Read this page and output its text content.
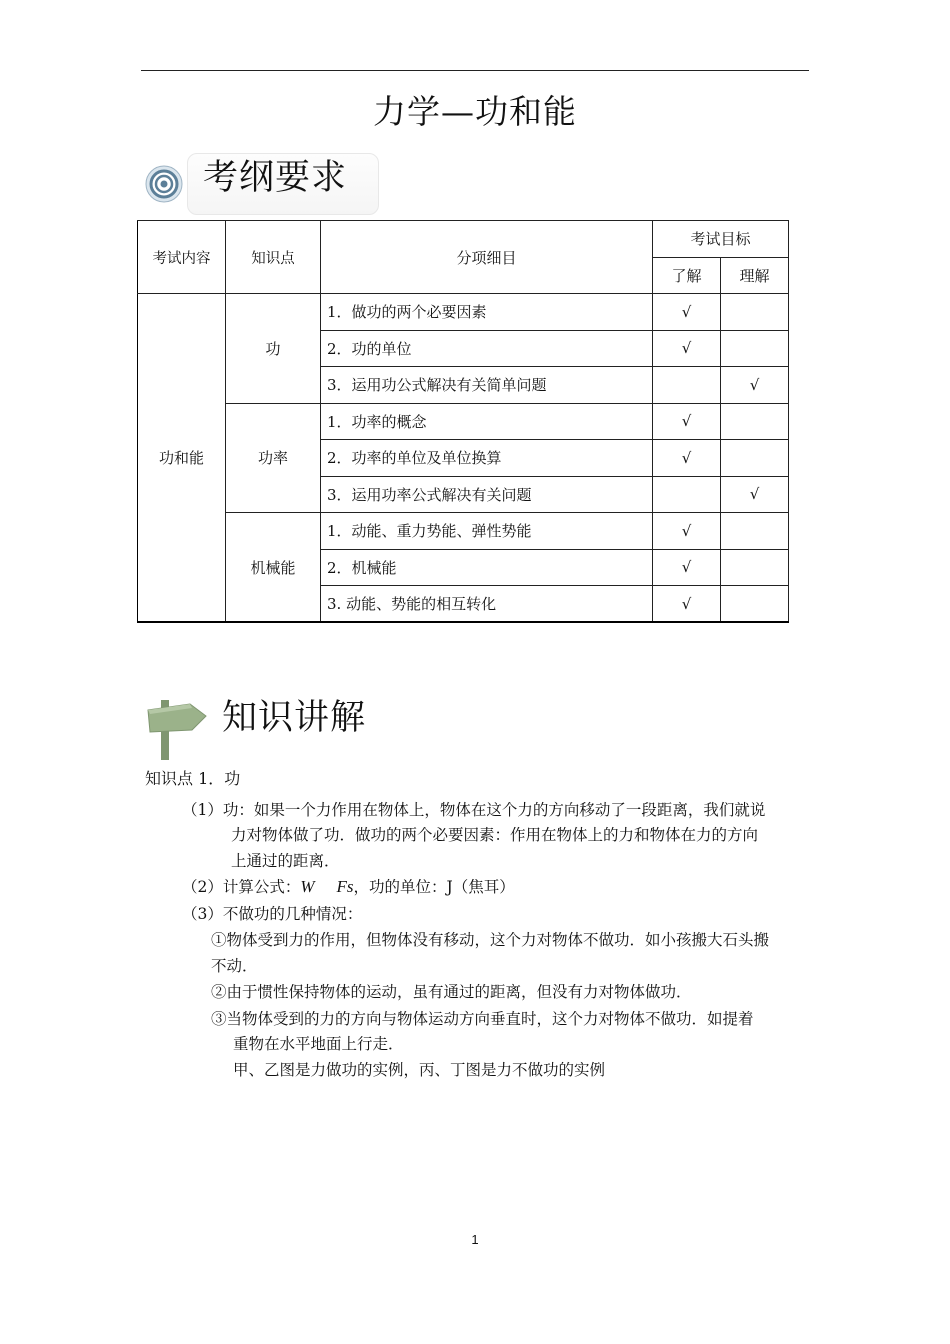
力学—功和能
考纲要求
考试内容	知识点	分项细目	考试目标	
			了解	理解
功和能	功	1．做功的两个必要因素	√	
		2．功的单位	√	
		3．运用功公式解决有关简单问题		√
	功率	1．功率的概念	√	
		2．功率的单位及单位换算	√	
		3．运用功率公式解决有关问题		√
	机械能	1．动能、重力势能、弹性势能	√	
		2．机械能	√	
		3. 动能、势能的相互转化	√	
知识讲解
知识点 1．功
（1）功：如果一个力作用在物体上，物体在这个力的方向移动了一段距离，我们就说
力对物体做了功．做功的两个必要因素：作用在物体上的力和物体在力的方向
上通过的距离．
（2）计算公式：W Fs，功的单位：J（焦耳）
（3）不做功的几种情况：
①物体受到力的作用，但物体没有移动，这个力对物体不做功．如小孩搬大石头搬
不动．
②由于惯性保持物体的运动，虽有通过的距离，但没有力对物体做功．
③当物体受到的力的方向与物体运动方向垂直时，这个力对物体不做功．如提着
重物在水平地面上行走．
甲、乙图是力做功的实例，丙、丁图是力不做功的实例
1
